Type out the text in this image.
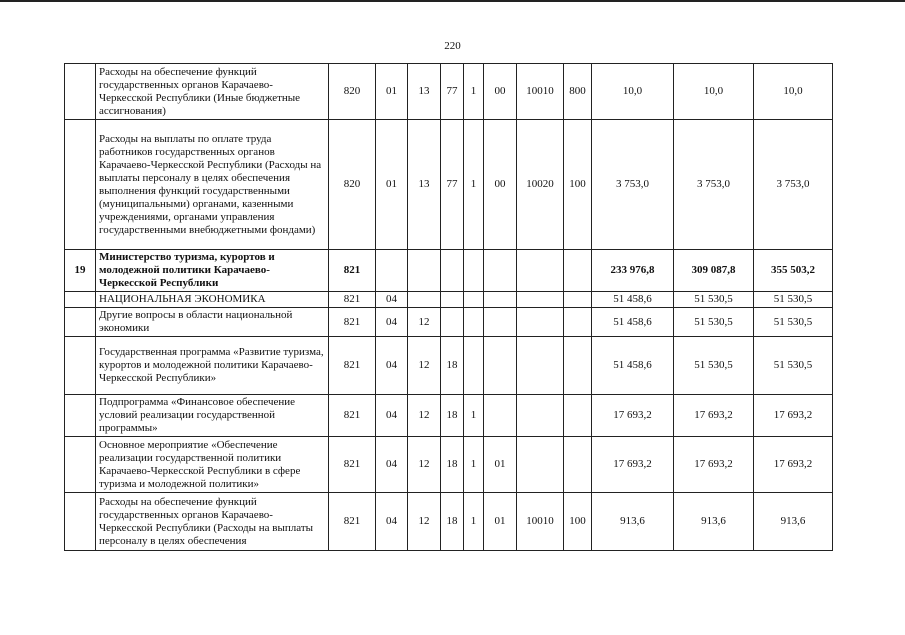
220
	Расходы на обеспечение функций государственных органов Карачаево-Черкесской Республики (Иные бюджетные ассигнования)	820	01	13	77	1	00	10010	800	10,0	10,0	10,0
	Расходы на выплаты по оплате труда работников государственных органов Карачаево-Черкесской Республики (Расходы на выплаты персоналу в целях обеспечения выполнения функций государственными (муниципальными) органами, казенными учреждениями, органами управления государственными внебюджетными фондами)	820	01	13	77	1	00	10020	100	3 753,0	3 753,0	3 753,0
19	Министерство туризма, курортов и молодежной политики Карачаево-Черкесской Республики	821								233 976,8	309 087,8	355 503,2
	НАЦИОНАЛЬНАЯ ЭКОНОМИКА	821	04							51 458,6	51 530,5	51 530,5
	Другие вопросы в области национальной экономики	821	04	12						51 458,6	51 530,5	51 530,5
	Государственная программа «Развитие туризма, курортов и молодежной политики Карачаево-Черкесской Республики»	821	04	12	18					51 458,6	51 530,5	51 530,5
	Подпрограмма «Финансовое обеспечение условий реализации государственной программы»	821	04	12	18	1				17 693,2	17 693,2	17 693,2
	Основное мероприятие «Обеспечение реализации государственной политики Карачаево-Черкесской Республики в сфере туризма и молодежной политики»	821	04	12	18	1	01			17 693,2	17 693,2	17 693,2
	Расходы на обеспечение функций государственных органов Карачаево-Черкесской Республики (Расходы на выплаты персоналу в целях обеспечения	821	04	12	18	1	01	10010	100	913,6	913,6	913,6
